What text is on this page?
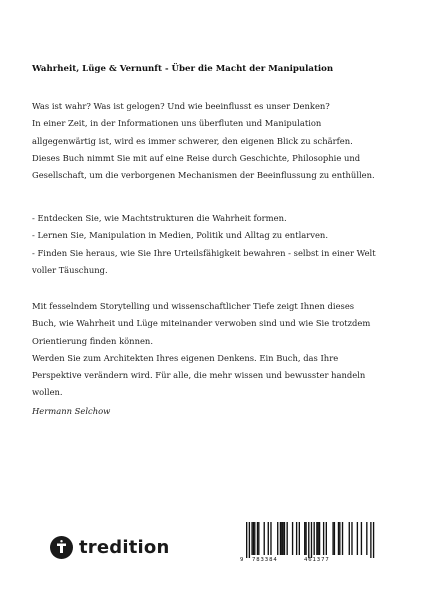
Wahrheit, Lüge & Vernunft - Über die Macht der Manipulation
Was ist wahr? Was ist gelogen? Und wie beeinflusst es unser Denken?
In einer Zeit, in der Informationen uns überfluten und Manipulation
allgegenwärtig ist, wird es immer schwerer, den eigenen Blick zu schärfen.
Dieses Buch nimmt Sie mit auf eine Reise durch Geschichte, Philosophie und
Gesellschaft, um die verborgenen Mechanismen der Beeinflussung zu enthüllen.
- Entdecken Sie, wie Machtstrukturen die Wahrheit formen.
- Lernen Sie, Manipulation in Medien, Politik und Alltag zu entlarven.
- Finden Sie heraus, wie Sie Ihre Urteilsfähigkeit bewahren - selbst in einer Welt
voller Täuschung.
Mit fesselndem Storytelling und wissenschaftlicher Tiefe zeigt Ihnen dieses
Buch, wie Wahrheit und Lüge miteinander verwoben sind und wie Sie trotzdem
Orientierung finden können.
Werden Sie zum Architekten Ihres eigenen Denkens. Ein Buch, das Ihre
Perspektive verändern wird. Für alle, die mehr wissen und bewusster handeln
wollen.
Hermann Selchow
tredition
9 783384	461377
